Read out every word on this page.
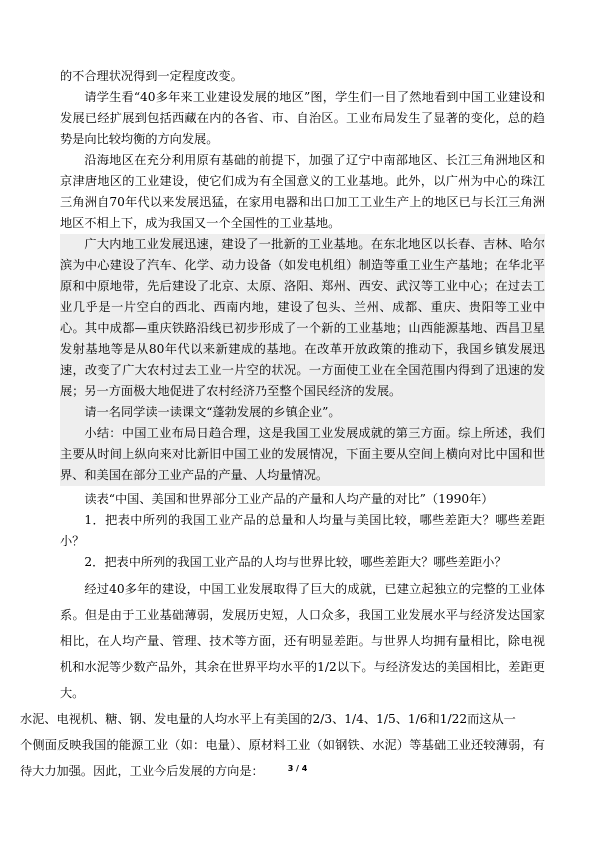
的不合理状况得到一定程度改变。

请学生看“40多年来工业建设发展的地区”图，学生们一目了然地看到中国工业建设和发展已经扩展到包括西藏在内的各省、市、自治区。工业布局发生了显著的变化，总的趋势是向比较均衡的方向发展。

沿海地区在充分利用原有基础的前提下，加强了辽宁中南部地区、长江三角洲地区和京津唐地区的工业建设，使它们成为有全国意义的工业基地。此外，以广州为中心的珠江三角洲自70年代以来发展迅猛，在家用电器和出口加工工业生产上的地区已与长江三角洲地区不相上下，成为我国又一个全国性的工业基地。

广大内地工业发展迅速，建设了一批新的工业基地。在东北地区以长春、吉林、哈尔滨为中心建设了汽车、化学、动力设备（如发电机组）制造等重工业生产基地；在华北平原和中原地带，先后建设了北京、太原、洛阳、郑州、西安、武汉等工业中心；在过去工业几乎是一片空白的西北、西南内地，建设了包头、兰州、成都、重庆、贵阳等工业中心。其中成都—重庆铁路沿线已初步形成了一个新的工业基地；山西能源基地、西昌卫星发射基地等是从80年代以来新建成的基地。在改革开放政策的推动下，我国乡镇发展迅速，改变了广大农村过去工业一片空的状况。一方面使工业在全国范围内得到了迅速的发展；另一方面极大地促进了农村经济乃至整个国民经济的发展。

请一名同学读一读课文“蓬勃发展的乡镇企业”。

小结：中国工业布局日趋合理，这是我国工业发展成就的第三方面。综上所述，我们主要从时间上纵向来对比新旧中国工业的发展情况，下面主要从空间上横向对比中国和世界、和美国在部分工业产品的产量、人均量情况。

读表“中国、美国和世界部分工业产品的产量和人均产量的对比”（1990年）

1．把表中所列的我国工业产品的总量和人均量与美国比较，哪些差距大？哪些差距小？

2．把表中所列的我国工业产品的人均与世界比较，哪些差距大？哪些差距小？

经过40多年的建设，中国工业发展取得了巨大的成就，已建立起独立的完整的工业体系。但是由于工业基础薄弱，发展历史短，人口众多，我国工业发展水平与经济发达国家相比，在人均产量、管理、技术等方面，还有明显差距。与世界人均拥有量相比，除电视机和水泥等少数产品外，其余在世界平均水平的1/2以下。与经济发达的美国相比，差距更大。

水泥、电视机、糖、钢、发电量的人均水平上有美国的2/3、1/4、1/5、1/6和1/22而这从一

个侧面反映我国的能源工业（如：电量）、原材料工业（如钢铁、水泥）等基础工业还较薄弱，有待大力加强。因此，工业今后发展的方向是：	3 / 4
